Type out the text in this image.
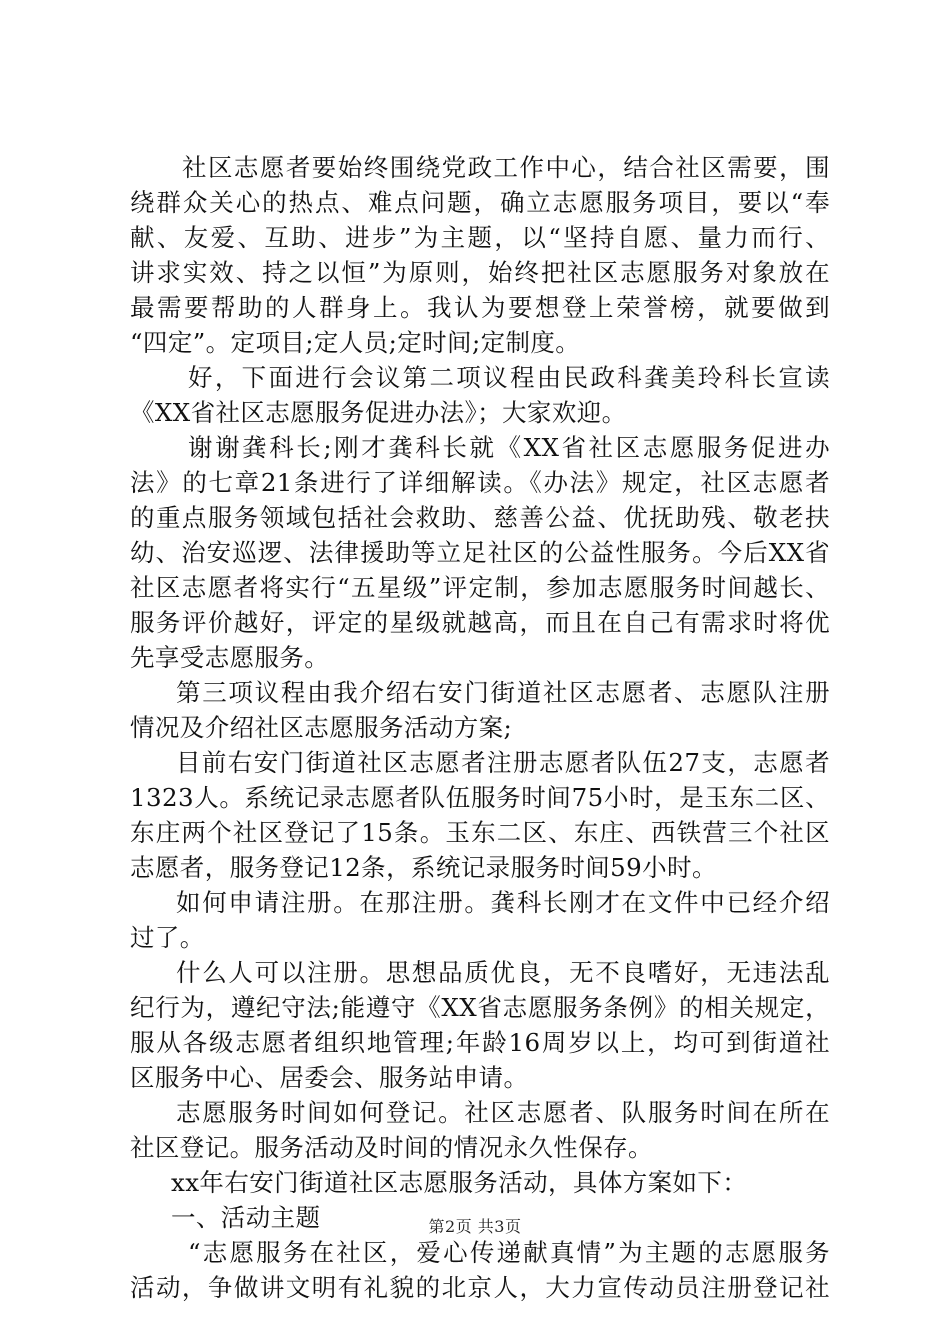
社区志愿者要始终围绕党政工作中心，结合社区需要，围
绕群众关心的热点、难点问题，确立志愿服务项目，要以“奉
献、友爱、互助、进步”为主题，以“坚持自愿、量力而行、
讲求实效、持之以恒”为原则，始终把社区志愿服务对象放在
最需要帮助的人群身上。我认为要想登上荣誉榜，就要做到
“四定”。定项目;定人员;定时间;定制度。
好，下面进行会议第二项议程由民政科龚美玲科长宣读
《XX省社区志愿服务促进办法》；大家欢迎。
谢谢龚科长;刚才龚科长就《XX省社区志愿服务促进办
法》的七章21条进行了详细解读。《办法》规定，社区志愿者
的重点服务领域包括社会救助、慈善公益、优抚助残、敬老扶
幼、治安巡逻、法律援助等立足社区的公益性服务。今后XX省
社区志愿者将实行“五星级”评定制，参加志愿服务时间越长、
服务评价越好，评定的星级就越高，而且在自己有需求时将优
先享受志愿服务。
第三项议程由我介绍右安门街道社区志愿者、志愿队注册
情况及介绍社区志愿服务活动方案;
目前右安门街道社区志愿者注册志愿者队伍27支，志愿者
1323人。系统记录志愿者队伍服务时间75小时，是玉东二区、
东庄两个社区登记了15条。玉东二区、东庄、西铁营三个社区
志愿者，服务登记12条，系统记录服务时间59小时。
如何申请注册。在那注册。龚科长刚才在文件中已经介绍
过了。
什么人可以注册。思想品质优良，无不良嗜好，无违法乱
纪行为，遵纪守法;能遵守《XX省志愿服务条例》的相关规定，
服从各级志愿者组织地管理;年龄16周岁以上，均可到街道社
区服务中心、居委会、服务站申请。
志愿服务时间如何登记。社区志愿者、队服务时间在所在
社区登记。服务活动及时间的情况永久性保存。
xx年右安门街道社区志愿服务活动，具体方案如下：
一、活动主题
“志愿服务在社区，爱心传递献真情”为主题的志愿服务
活动，争做讲文明有礼貌的北京人，大力宣传动员注册登记社
第2页 共3页
